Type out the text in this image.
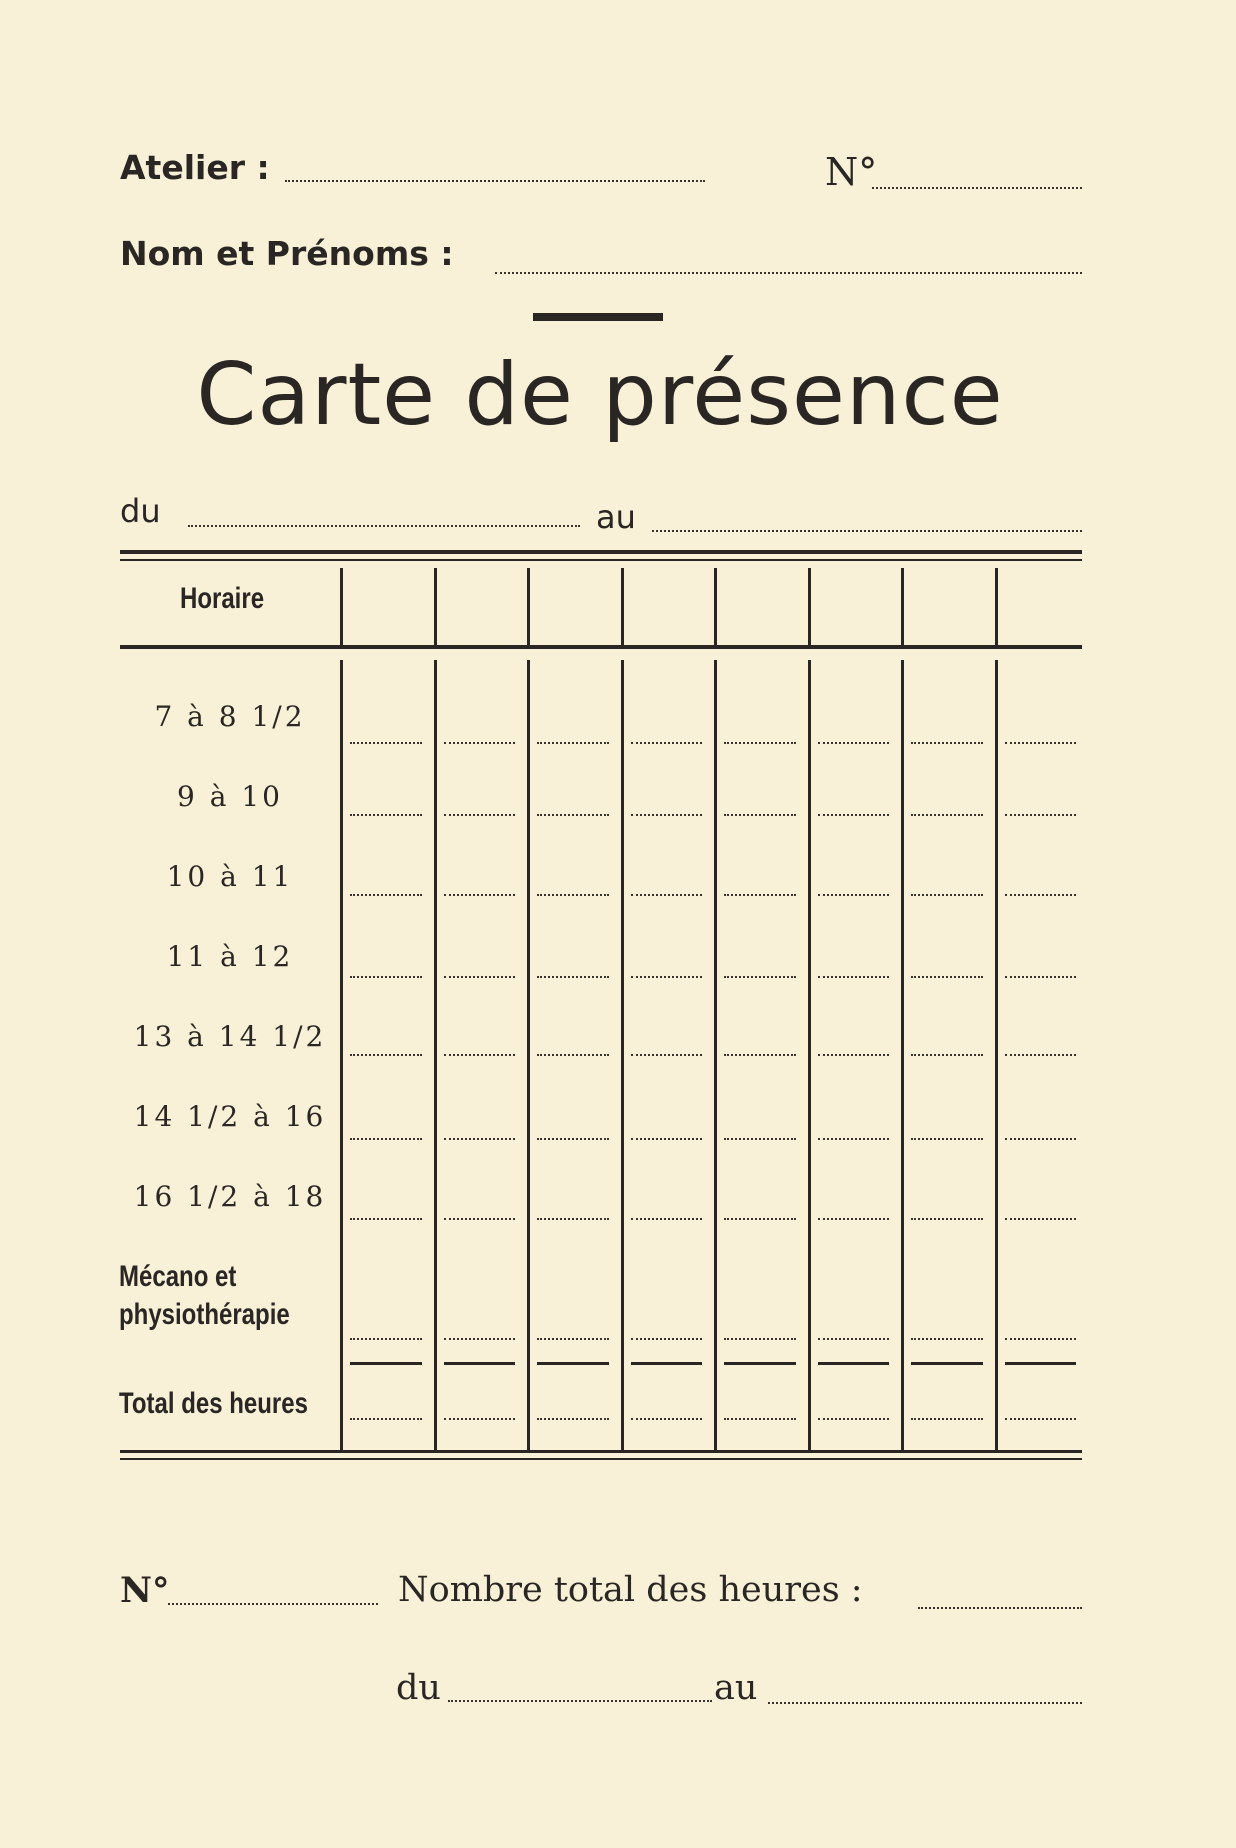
Atelier :	N°
Nom et Prénoms :
Carte de présence
du	au
Horaire
7 à 8 1/2
9 à 10
10 à 11
11 à 12
13 à 14 1/2
14 1/2 à 16
16 1/2 à 18
Mécano et physiothérapie
Total des heures
N°	Nombre total des heures :
du	au
